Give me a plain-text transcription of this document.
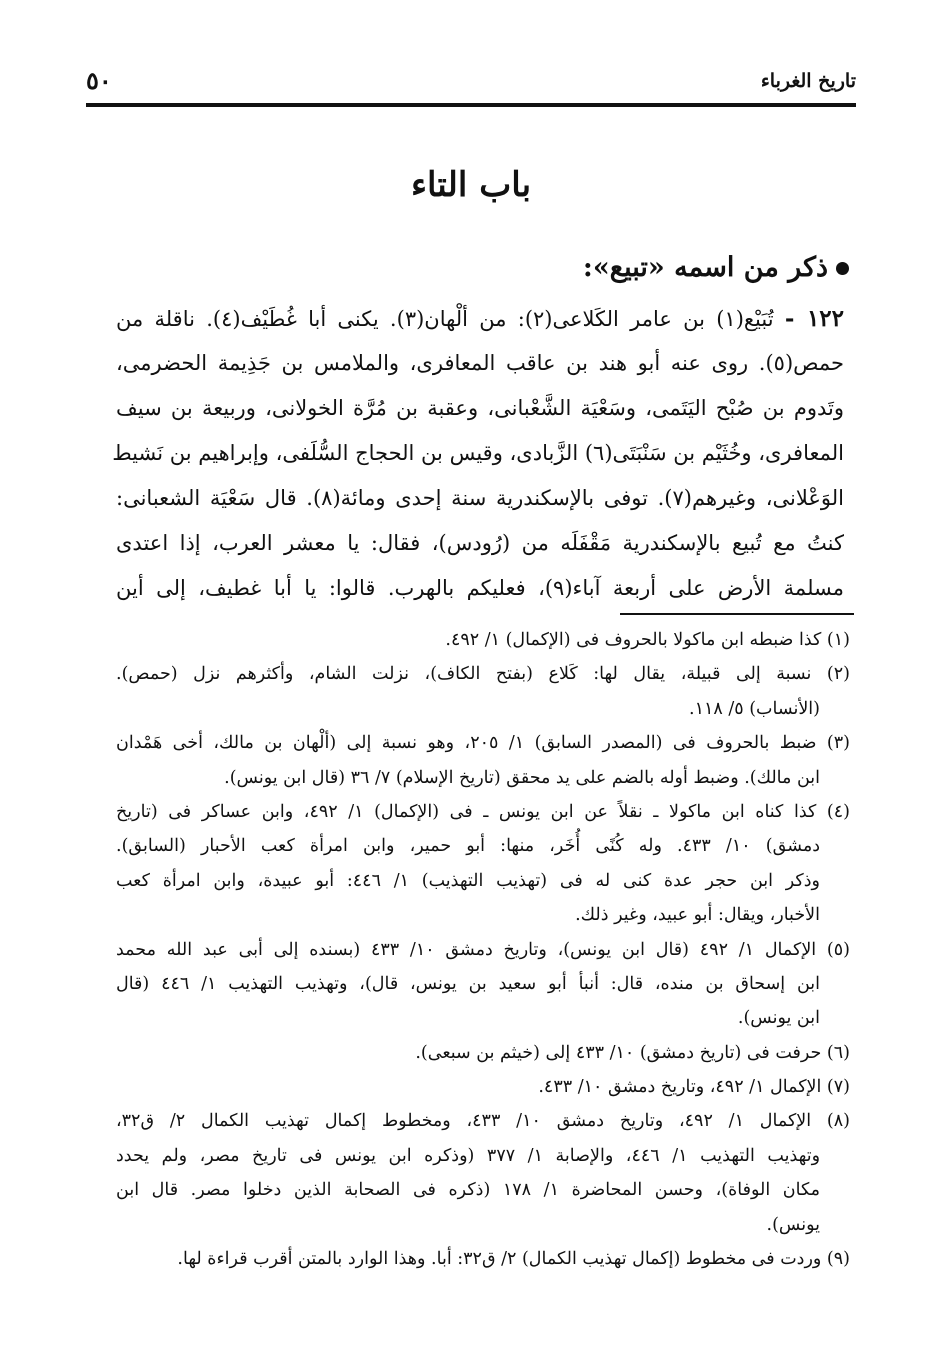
٥٠	تاريخ الغرباء
باب التاء
ذكر من اسمه «تبيع»:
١٢٢ - تُبَيْع(١) بن عامر الكَلاعى(٢): من ألْهان(٣). يكنى أبا غُطَيْف(٤). ناقلة من
حمص(٥). روى عنه أبو هند بن عاقب المعافرى، والملامس بن جَذِيمة الحضرمى،
وتَدوم بن صُبْح اليَتَمى، وسَعْيَة الشَّعْبانى، وعقبة بن مُرَّة الخولانى، وربيعة بن سيف
المعافرى، وخُثَيْم بن سَنْبَتَى(٦) الزَّبادى، وقيس بن الحجاج السُّلَفى، وإبراهيم بن نَشيط
الوَعْلانى، وغيرهم(٧). توفى بالإسكندرية سنة إحدى ومائة(٨). قال سَعْيَة الشعبانى:
كنتُ مع تُبيع بالإسكندرية مَقْفَلَه من (رُودس)، فقال: يا معشر العرب، إذا اعتدى
مسلمة الأرض على أربعة آباء(٩)، فعليكم بالهرب. قالوا: يا أبا غطيف، إلى أين
(١) كذا ضبطه ابن ماكولا بالحروف فى (الإكمال) ١/ ٤٩٢.
(٢) نسبة إلى قبيلة، يقال لها: كَلاع (بفتح الكاف)، نزلت الشام، وأكثرهم نزل (حمص).
(الأنساب) ٥/ ١١٨.
(٣) ضبط بالحروف فى (المصدر السابق) ١/ ٢٠٥، وهو نسبة إلى (ألْهان بن مالك، أخى هَمْدان
ابن مالك). وضبط أوله بالضم على يد محقق (تاريخ الإسلام) ٧/ ٣٦ (قال ابن يونس).
(٤) كذا كناه ابن ماكولا ـ نقلاً عن ابن يونس ـ فى (الإكمال) ١/ ٤٩٢، وابن عساكر فى (تاريخ
دمشق) ١٠/ ٤٣٣. وله كُنًى أُخَر، منها: أبو حمير، وابن امرأة كعب الأحبار (السابق).
وذكر ابن حجر عدة كنى له فى (تهذيب التهذيب) ١/ ٤٤٦: أبو عبيدة، وابن امرأة كعب
الأخبار، ويقال: أبو عبيد، وغير ذلك.
(٥) الإكمال ١/ ٤٩٢ (قال ابن يونس)، وتاريخ دمشق ١٠/ ٤٣٣ (بسنده إلى أبى عبد الله محمد
ابن إسحاق بن منده، قال: أنبأ أبو سعيد بن يونس، قال)، وتهذيب التهذيب ١/ ٤٤٦ (قال
ابن يونس).
(٦) حرفت فى (تاريخ دمشق) ١٠/ ٤٣٣ إلى (خيثم بن سبعى).
(٧) الإكمال ١/ ٤٩٢، وتاريخ دمشق ١٠/ ٤٣٣.
(٨) الإكمال ١/ ٤٩٢، وتاريخ دمشق ١٠/ ٤٣٣، ومخطوط إكمال تهذيب الكمال ٢/ ق٣٢،
وتهذيب التهذيب ١/ ٤٤٦، والإصابة ١/ ٣٧٧ (وذكره ابن يونس فى تاريخ مصر، ولم يحدد
مكان الوفاة)، وحسن المحاضرة ١/ ١٧٨ (ذكره فى الصحابة الذين دخلوا مصر. قال ابن
يونس).
(٩) وردت فى مخطوط (إكمال تهذيب الكمال) ٢/ ق٣٢: أبا. وهذا الوارد بالمتن أقرب قراءة لها.
